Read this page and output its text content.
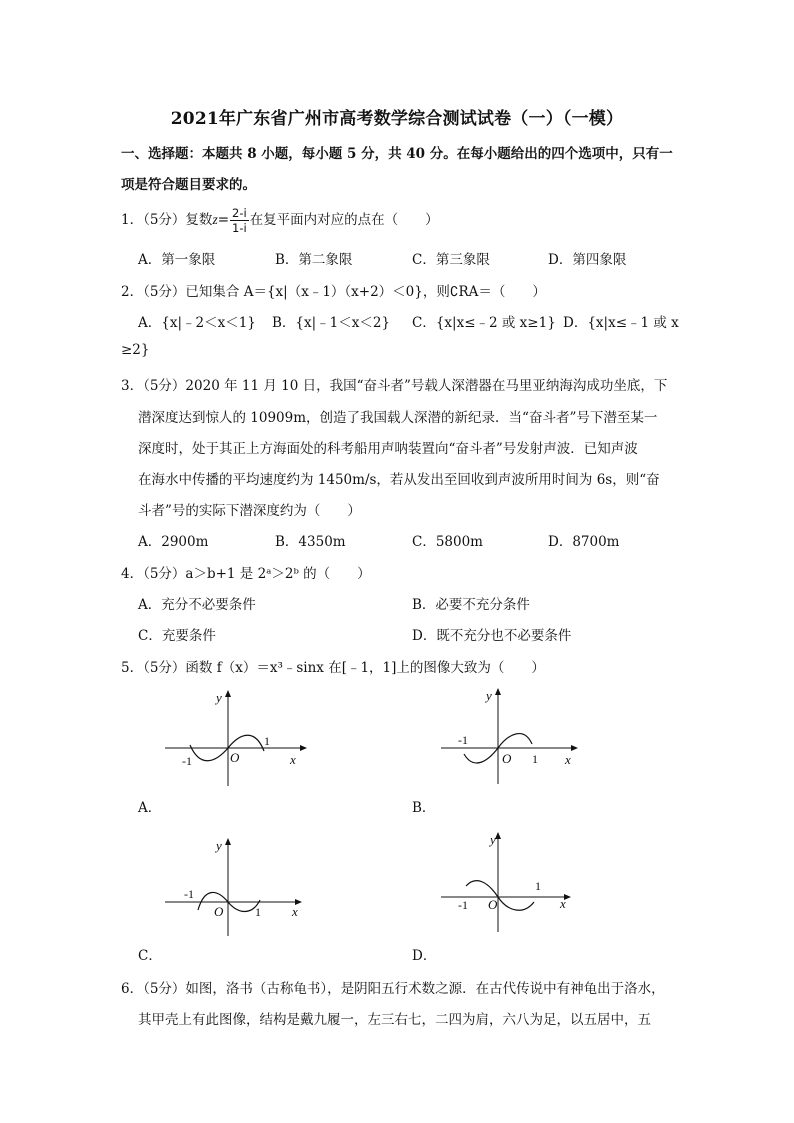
2021年广东省广州市高考数学综合测试试卷（一）（一模）
一、选择题：本题共 8 小题，每小题 5 分，共 40 分。在每小题给出的四个选项中，只有一
项是符合题目要求的。
1．（5分）复数$z= \frac{2-i}{1-i}$ 在复平面内对应的点在（　　）
A．第一象限	B．第二象限	C．第三象限	D．第四象限
2．（5分）已知集合 A＝{x|（x﹣1）（x+2）＜0}，则∁RA＝（　　）
A．{x|﹣2＜x＜1} B．{x|﹣1＜x＜2} C．{x|x≤﹣2 或 x≥1} D．{x|x≤﹣1 或 x
≥2}
3．（5分）2020 年 11 月 10 日，我国“奋斗者”号载人深潜器在马里亚纳海沟成功坐底，下
潜深度达到惊人的 10909m，创造了我国载人深潜的新纪录．当“奋斗者”号下潜至某一
深度时，处于其正上方海面处的科考船用声呐装置向“奋斗者”号发射声波．已知声波
在海水中传播的平均速度约为 1450m/s，若从发出至回收到声波所用时间为 6s，则“奋
斗者”号的实际下潜深度约为（　　）
A．2900m	B．4350m	C．5800m	D．8700m
4．（5分）a＞b+1 是 2ᵃ＞2ᵇ 的（　　）
A．充分不必要条件	B．必要不充分条件
C．充要条件	D．既不充分也不必要条件
5．（5分）函数 f（x）＝x³﹣sinx 在[﹣1，1]上的图像大致为（　　）
y
x
O
-1
1
A．
y
x
O
-1
1
B．
y
x
O
-1
1
C．
y
x
O
-1
1
D．
6．（5分）如图，洛书（古称龟书），是阴阳五行术数之源．在古代传说中有神龟出于洛水，
其甲壳上有此图像，结构是戴九履一，左三右七，二四为肩，六八为足，以五居中，五
